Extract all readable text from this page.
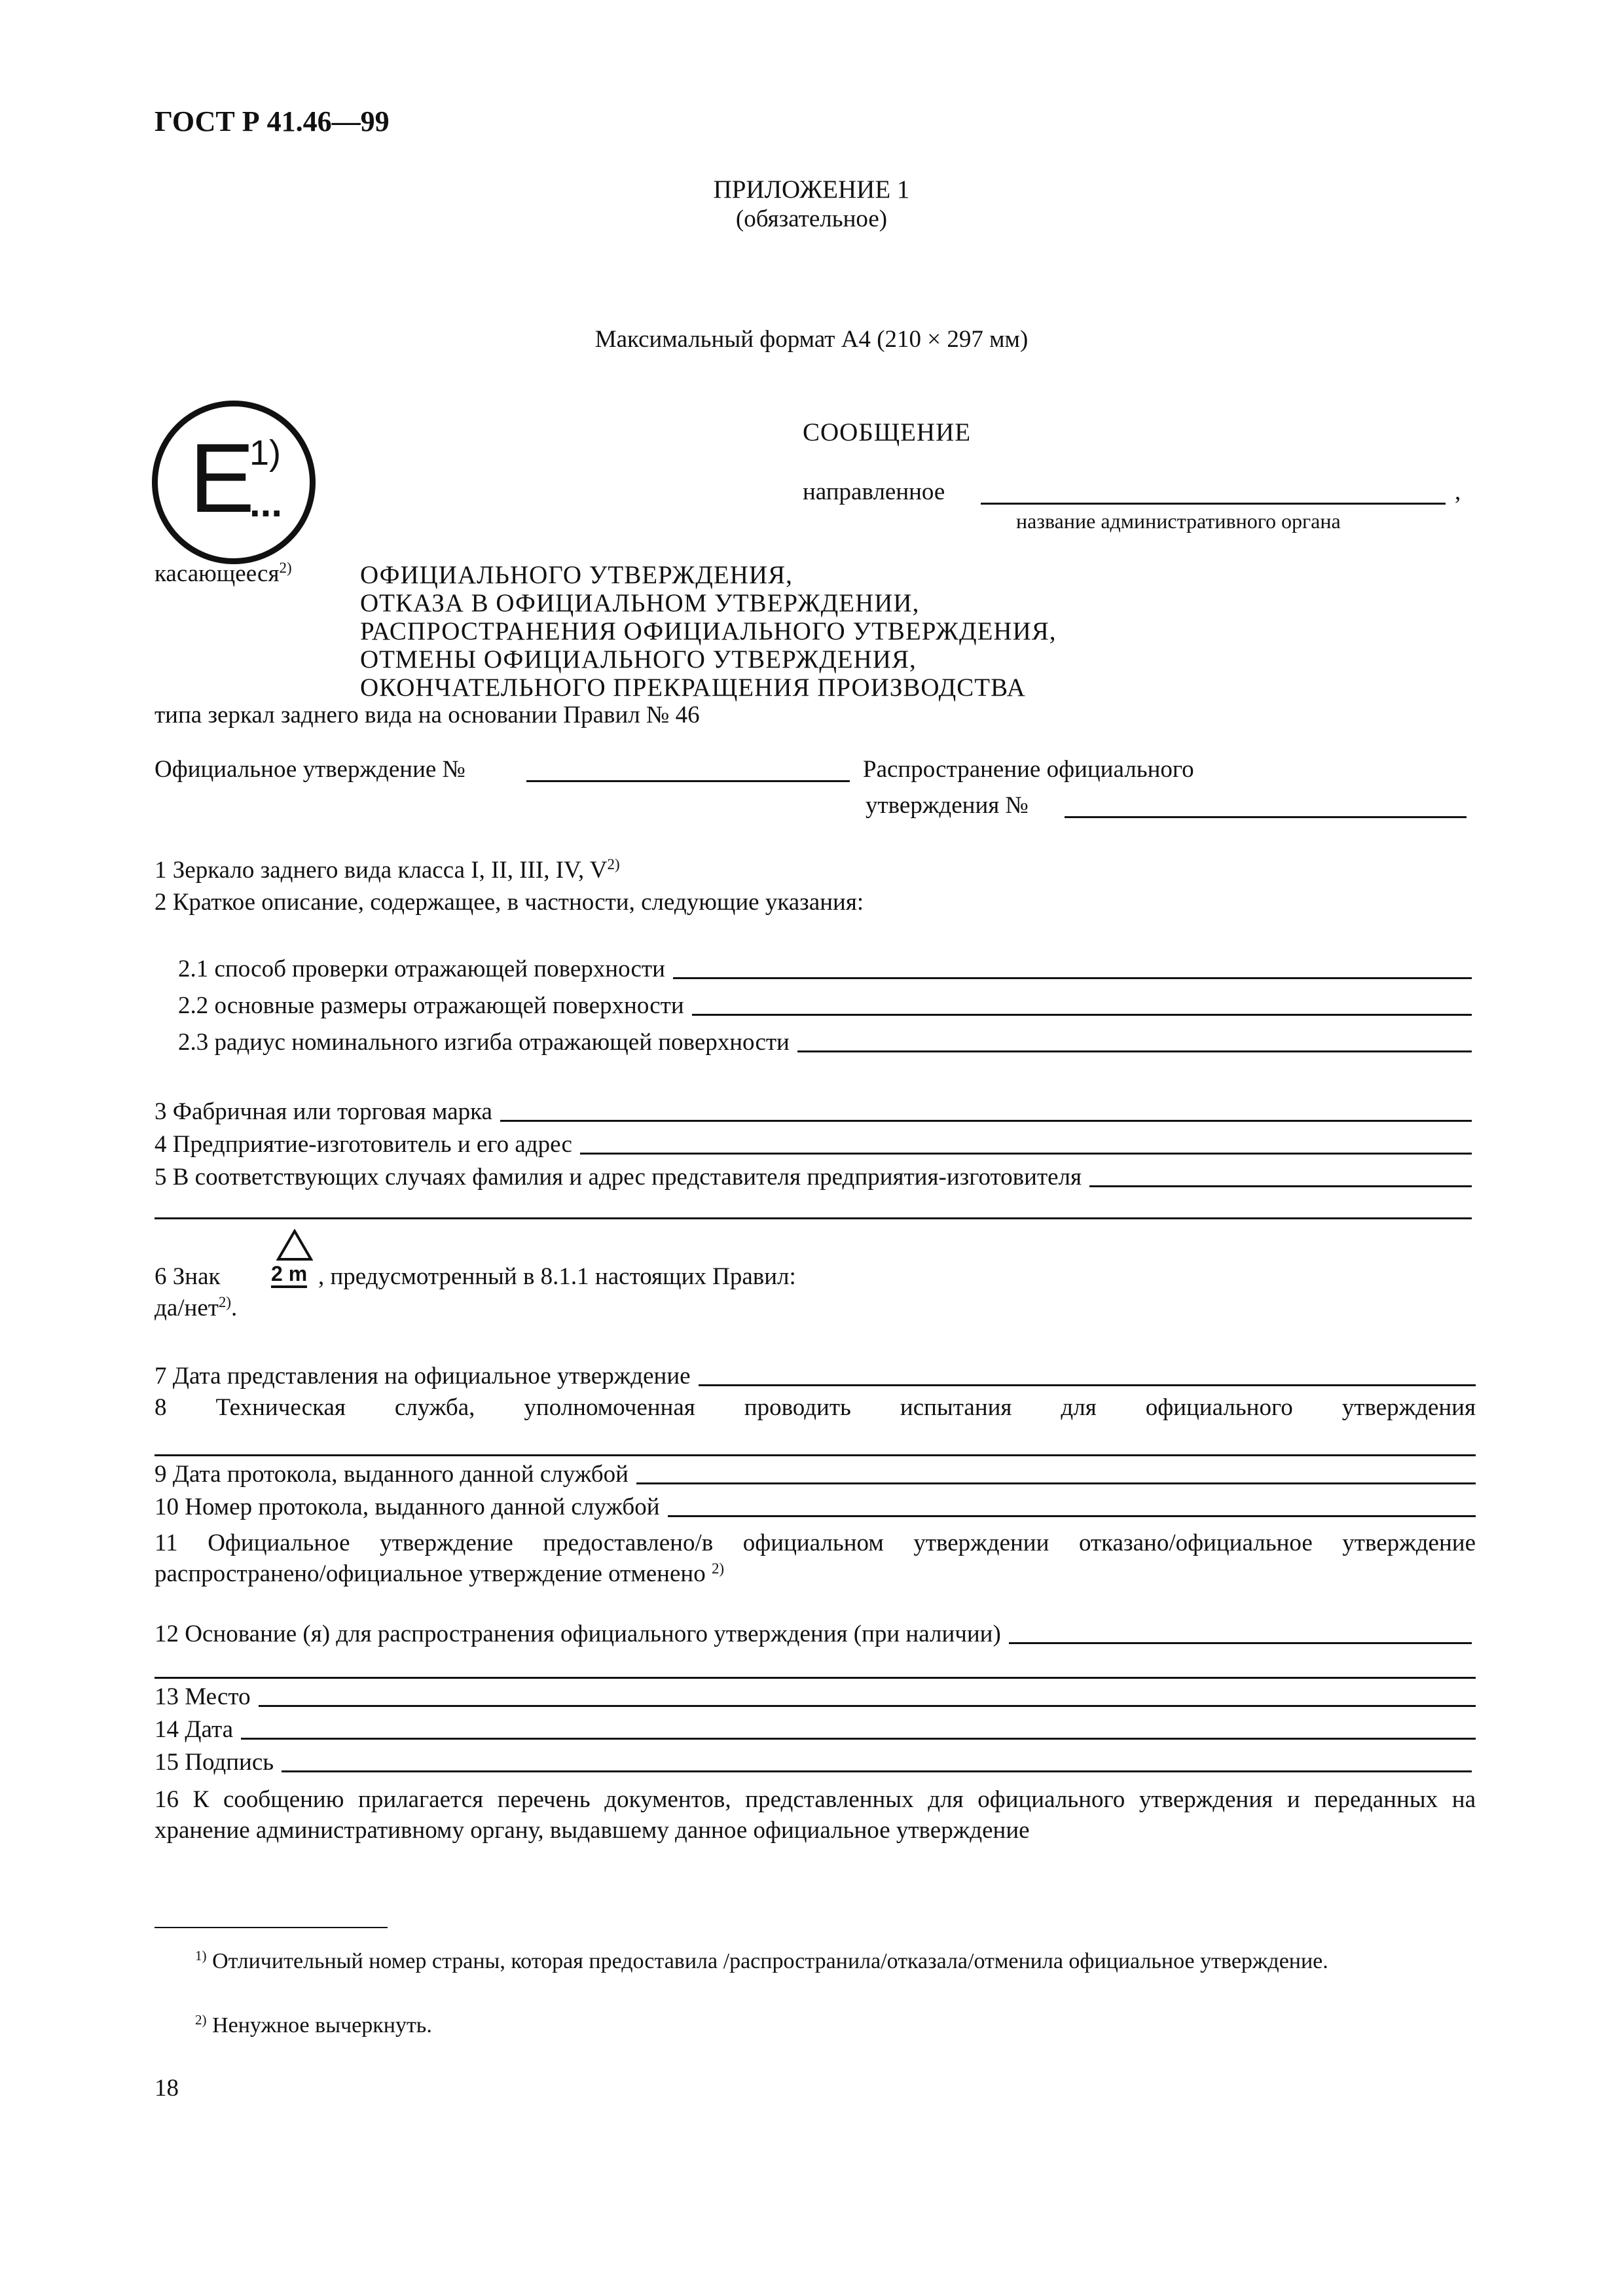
ГОСТ Р 41.46—99
ПРИЛОЖЕНИЕ 1
(обязательное)
Максимальный формат А4 (210 × 297 мм)
E
1)
...
СООБЩЕНИЕ
направленное	,
название административного органа
касающееся$^{2)}$	ОФИЦИАЛЬНОГО УТВЕРЖДЕНИЯ,
ОТКАЗА В ОФИЦИАЛЬНОМ УТВЕРЖДЕНИИ,
РАСПРОСТРАНЕНИЯ ОФИЦИАЛЬНОГО УТВЕРЖДЕНИЯ,
ОТМЕНЫ ОФИЦИАЛЬНОГО УТВЕРЖДЕНИЯ,
ОКОНЧАТЕЛЬНОГО ПРЕКРАЩЕНИЯ ПРОИЗВОДСТВА
типа зеркал заднего вида на основании Правил № 46
Официальное утверждение №	Распространение официального
утверждения №
1 Зеркало заднего вида класса I, II, III, IV, $V^{2)}$
2 Краткое описание, содержащее, в частности, следующие указания:
2.1 способ проверки отражающей поверхности
2.2 основные размеры отражающей поверхности
2.3 радиус номинального изгиба отражающей поверхности
3 Фабричная или торговая марка
4 Предприятие-изготовитель и его адрес
5 В соответствующих случаях фамилия и адрес представителя предприятия-изготовителя
6 Знак 2 m , предусмотренный в 8.1.1 настоящих Правил:
да/нет$^{2)}$.
7 Дата представления на официальное утверждение
8 Техническая служба, уполномоченная проводить испытания для официального утверждения
9 Дата протокола, выданного данной службой
10 Номер протокола, выданного данной службой
11 Официальное утверждение предоставлено/в официальном утверждении отказано/официальное утверждение распространено/официальное утверждение отменено $^{2)}$
12 Основание (я) для распространения официального утверждения (при наличии)
13 Место
14 Дата
15 Подпись
16 К сообщению прилагается перечень документов, представленных для официального утверждения и переданных на хранение административному органу, выдавшему данное официальное утверждение
$^{1)}$ Отличительный номер страны, которая предоставила /распространила/отказала/отменила официальное утверждение.
$^{2)}$ Ненужное вычеркнуть.
18
